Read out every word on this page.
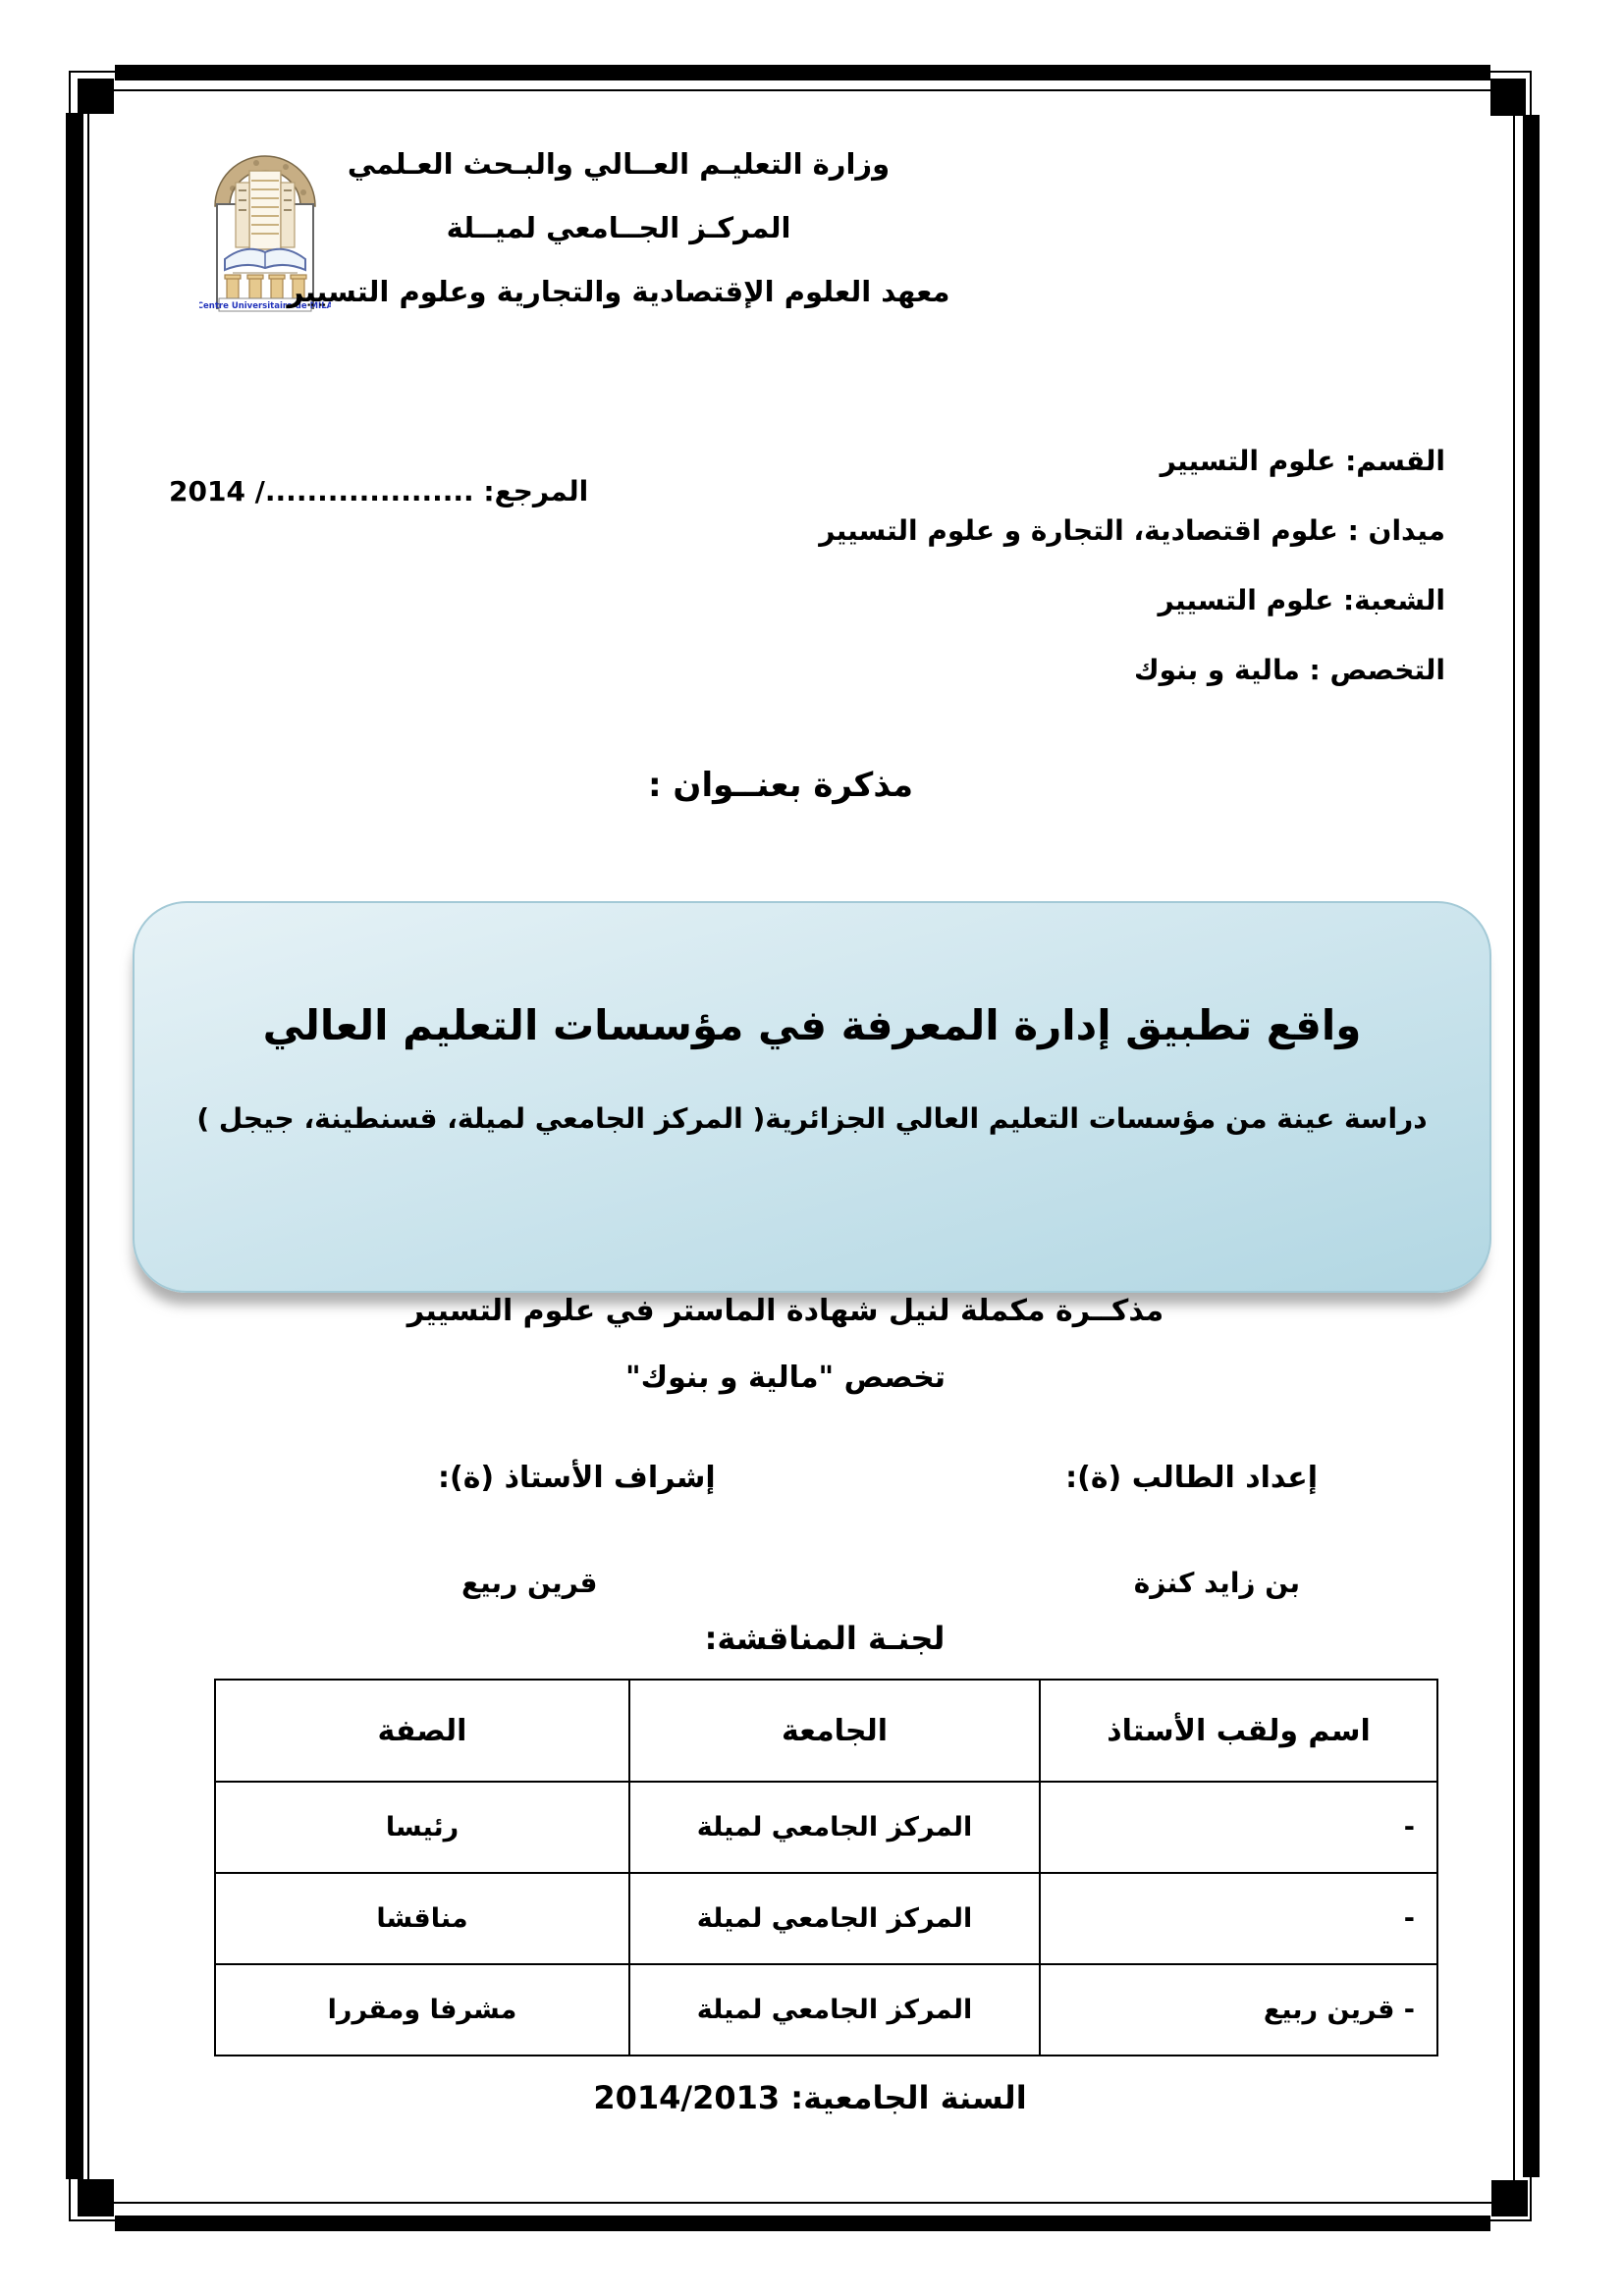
Centre Universitaire de MILA
وزارة التعليـم العــالي والبـحث العـلمي
المركـز الجــامعي لميــلة
معهد العلوم الإقتصادية والتجارية وعلوم التسيير
القسم: علوم التسيير
ميدان : علوم اقتصادية، التجارة و علوم التسيير
الشعبة: علوم التسيير
التخصص : مالية و بنوك
المرجع: ..................../ 2014
مذكرة بعنــوان :
واقع تطبيق إدارة المعرفة في مؤسسات التعليم العالي
دراسة عينة من مؤسسات التعليم العالي الجزائرية( المركز الجامعي لميلة، قسنطينة، جيجل )
مذكــرة مكملة لنيل شهادة الماستر في علوم التسيير
تخصص "مالية و بنوك"
إعداد الطالب (ة):
إشراف الأستاذ (ة):
بن زايد كنزة
قرين ربيع
لجنـة المناقشة:
اسم ولقب الأستاذ
الجامعة
الصفة
-
المركز الجامعي لميلة
رئيسا
-
المركز الجامعي لميلة
مناقشا
- قرين ربيع
المركز الجامعي لميلة
مشرفا ومقررا
السنة الجامعية: 2014/2013
